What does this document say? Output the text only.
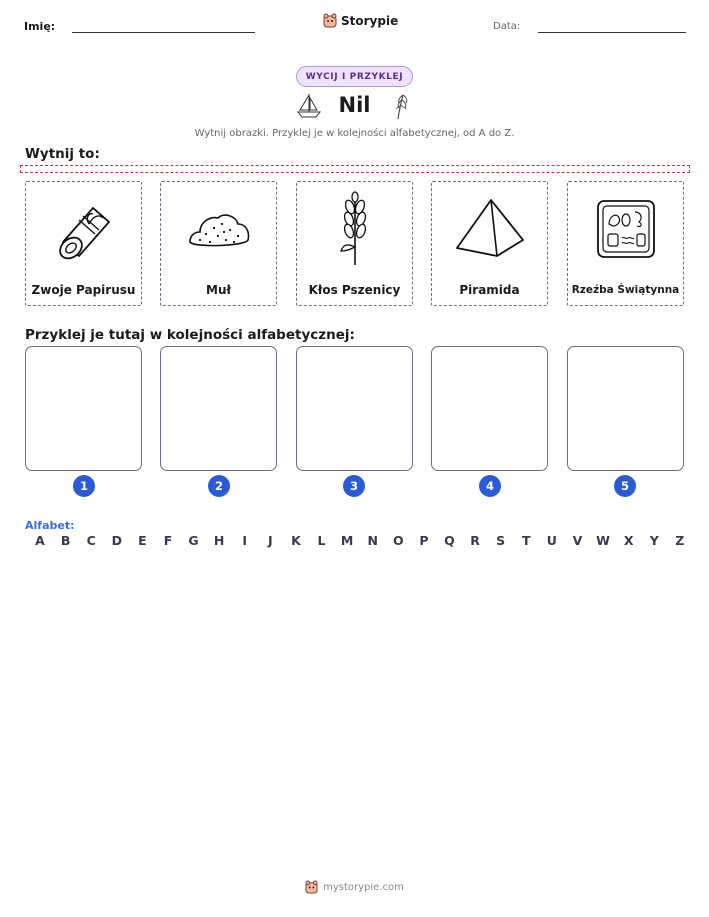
Imię:	Storypie	Data:
WYCIJ I PRZYKLEJ
Nil
Wytnij obrazki. Przyklej je w kolejności alfabetycznej, od A do Z.
Wytnij to:
Zwoje Papirusu	Muł	Kłos Pszenicy	Piramida	Rzeźba Świątynna
Przyklej je tutaj w kolejności alfabetycznej:
1	2	3	4	5
Alfabet:
A	B	C	D	E	F	G	H	I	J	K	L	M	N	O	P	Q	R	S	T	U	V	W	X	Y	Z
mystorypie.com
